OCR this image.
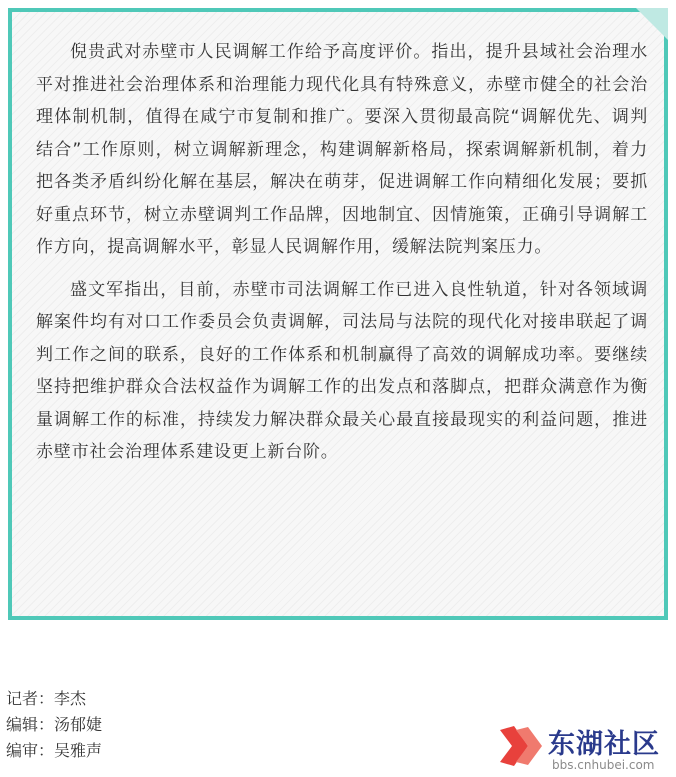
倪贵武对赤壁市人民调解工作给予高度评价。指出，提升县域社会治理水平对推进社会治理体系和治理能力现代化具有特殊意义，赤壁市健全的社会治理体制机制，值得在咸宁市复制和推广。要深入贯彻最高院“调解优先、调判结合”工作原则，树立调解新理念，构建调解新格局，探索调解新机制，着力把各类矛盾纠纷化解在基层，解决在萌芽，促进调解工作向精细化发展；要抓好重点环节，树立赤壁调判工作品牌，因地制宜、因情施策，正确引导调解工作方向，提高调解水平，彰显人民调解作用，缓解法院判案压力。

盛文军指出，目前，赤壁市司法调解工作已进入良性轨道，针对各领域调解案件均有对口工作委员会负责调解，司法局与法院的现代化对接串联起了调判工作之间的联系，良好的工作体系和机制赢得了高效的调解成功率。要继续坚持把维护群众合法权益作为调解工作的出发点和落脚点，把群众满意作为衡量调解工作的标准，持续发力解决群众最关心最直接最现实的利益问题，推进赤壁市社会治理体系建设更上新台阶。

记者：李杰
编辑：汤郁婕
编审：吴雅声	东湖社区
bbs.cnhubei.com
